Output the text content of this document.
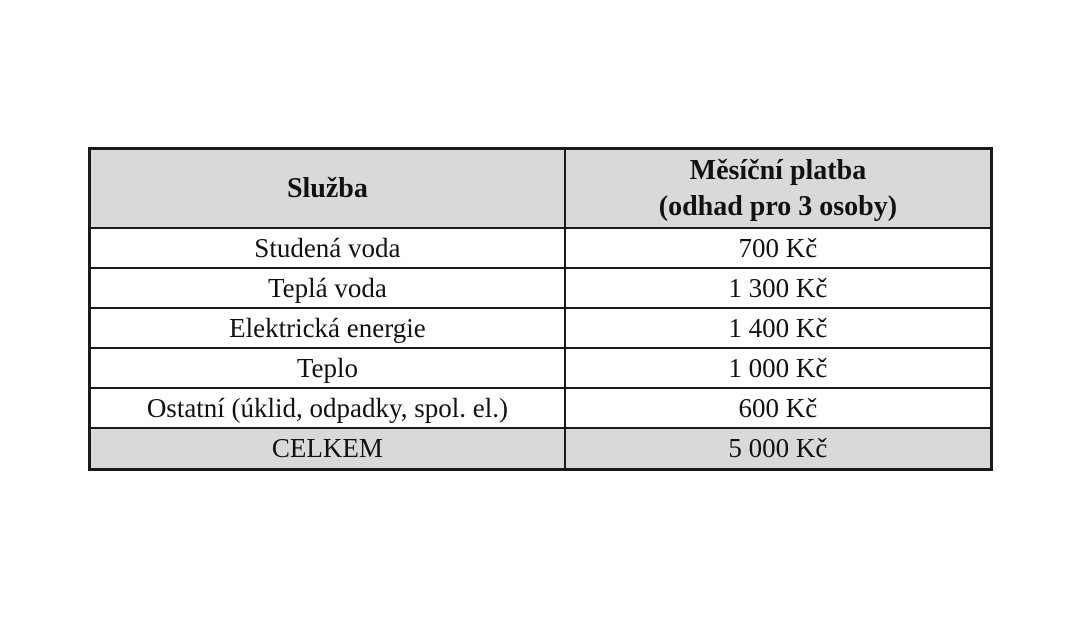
Služba	Měsíční platba
(odhad pro 3 osoby)

Studená voda	700 Kč
Teplá voda	1 300 Kč
Elektrická energie	1 400 Kč
Teplo	1 000 Kč
Ostatní (úklid, odpadky, spol. el.)	600 Kč
CELKEM	5 000 Kč
